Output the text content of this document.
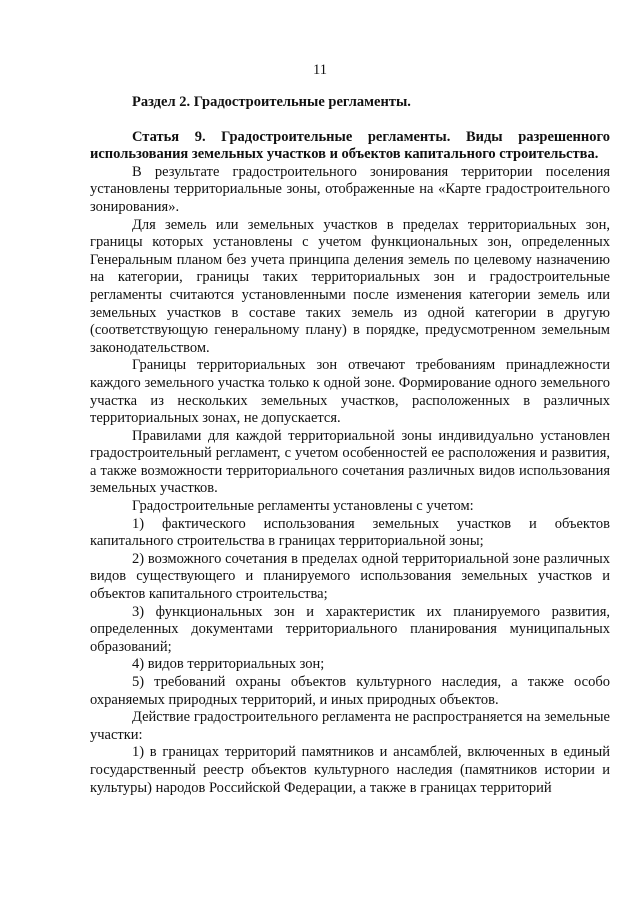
11

Раздел 2. Градостроительные регламенты.

Статья 9. Градостроительные регламенты. Виды разрешенного использования земельных участков и объектов капитального строительства.

В результате градостроительного зонирования территории поселения установлены территориальные зоны, отображенные на «Карте градостроительного зонирования».

Для земель или земельных участков в пределах территориальных зон, границы которых установлены с учетом функциональных зон, определенных Генеральным планом без учета принципа деления земель по целевому назначению на категории, границы таких территориальных зон и градостроительные регламенты считаются установленными после изменения категории земель или земельных участков в составе таких земель из одной категории в другую (соответствующую генеральному плану) в порядке, предусмотренном земельным законодательством.

Границы территориальных зон отвечают требованиям принадлежности каждого земельного участка только к одной зоне. Формирование одного земельного участка из нескольких земельных участков, расположенных в различных территориальных зонах, не допускается.

Правилами для каждой территориальной зоны индивидуально установлен градостроительный регламент, с учетом особенностей ее расположения и развития, а также возможности территориального сочетания различных видов использования земельных участков.

Градостроительные регламенты установлены с учетом:

1) фактического использования земельных участков и объектов капитального строительства в границах территориальной зоны;

2) возможного сочетания в пределах одной территориальной зоне различных видов существующего и планируемого использования земельных участков и объектов капитального строительства;

3) функциональных зон и характеристик их планируемого развития, определенных документами территориального планирования муниципальных образований;

4) видов территориальных зон;

5) требований охраны объектов культурного наследия, а также особо охраняемых природных территорий, и иных природных объектов.

Действие градостроительного регламента не распространяется на земельные участки:

1) в границах территорий памятников и ансамблей, включенных в единый государственный реестр объектов культурного наследия (памятников истории и культуры) народов Российской Федерации, а также в границах территорий
